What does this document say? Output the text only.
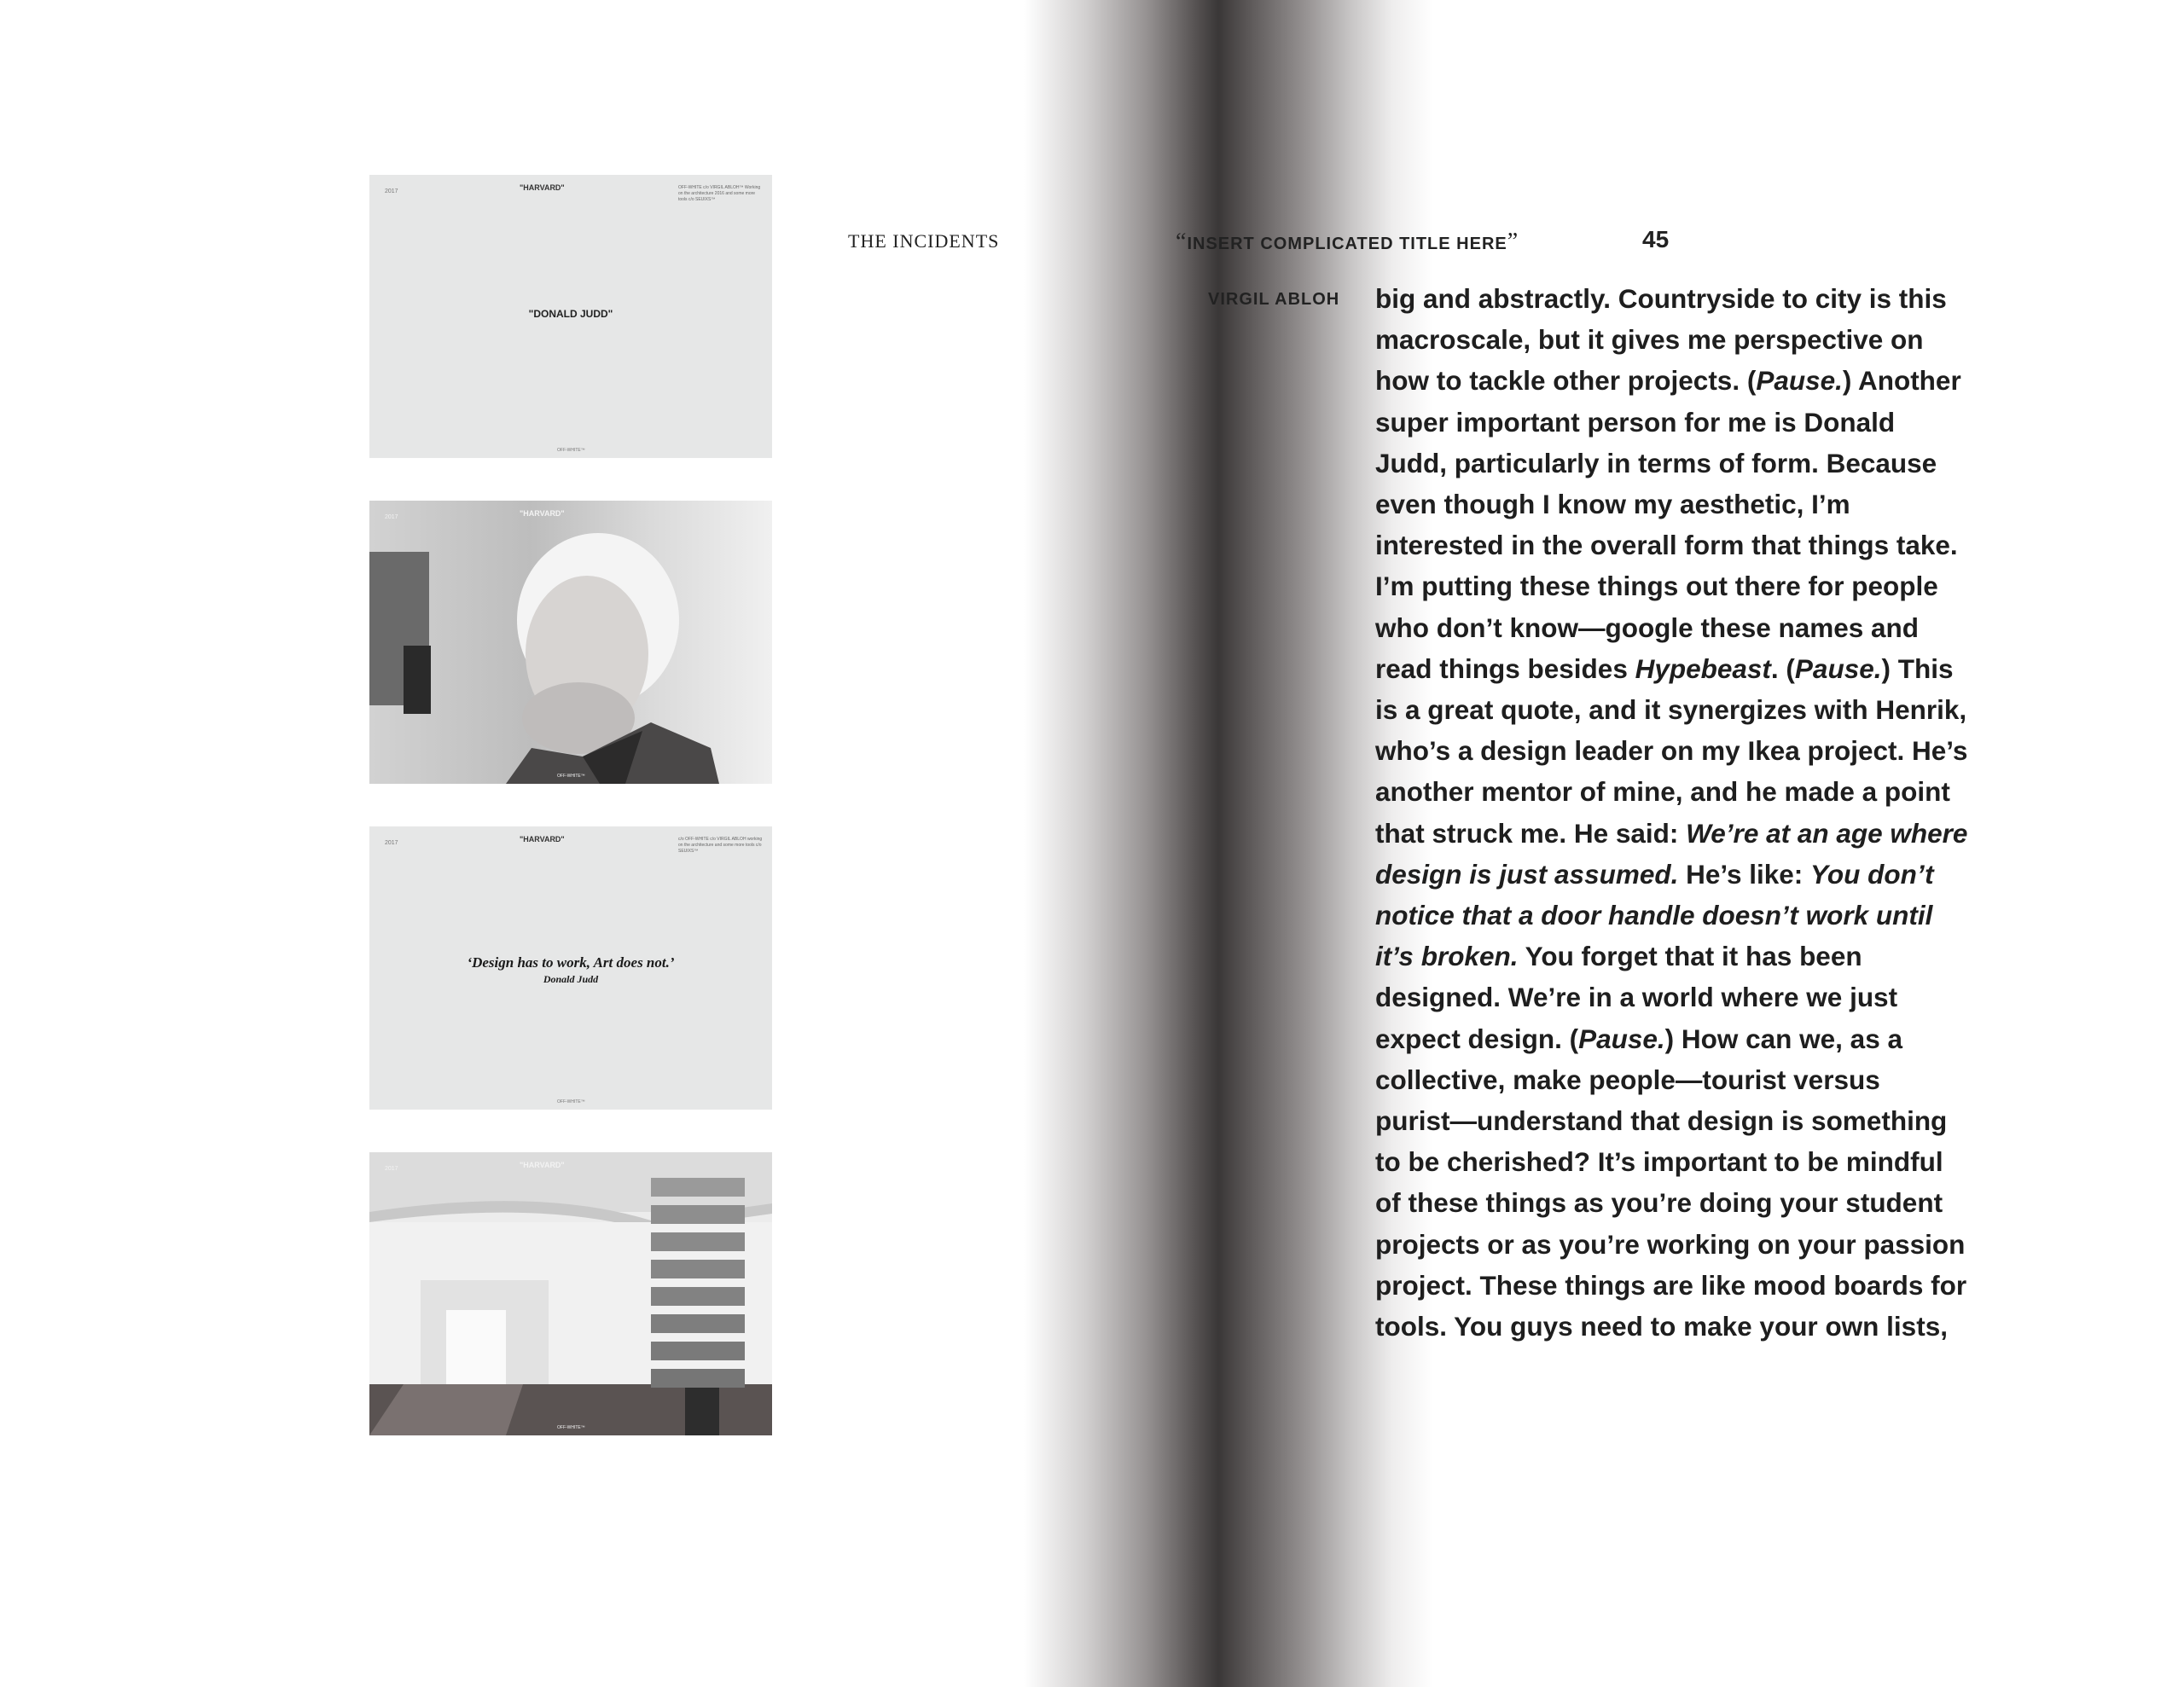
2017	"HARVARD"	OFF-WHITE c/o VIRGIL ABLOH™ Working on the architecture 2016 and some more tools c/o SEUIXS™
"DONALD JUDD"
OFF-WHITE™
2017	"HARVARD"
OFF-WHITE™
2017	"HARVARD"	c/o OFF-WHITE c/o VIRGIL ABLOH working on the architecture and some more tools c/o SEUIXS™
‘Design has to work, Art does not.’
Donald Judd
OFF-WHITE™
2017	"HARVARD"
OFF-WHITE™
THE INCIDENTS	“INSERT COMPLICATED TITLE HERE”	45
VIRGIL ABLOH big and abstractly. Countryside to city is this
macroscale, but it gives me perspective on
how to tackle other projects. (Pause.) Another
super important person for me is Donald
Judd, particularly in terms of form. Because
even though I know my aesthetic, I’m
interested in the overall form that things take.
I’m putting these things out there for people
who don’t know—google these names and
read things besides Hypebeast. (Pause.) This
is a great quote, and it synergizes with Henrik,
who’s a design leader on my Ikea project. He’s
another mentor of mine, and he made a point
that struck me. He said: We’re at an age where
design is just assumed. He’s like: You don’t
notice that a door handle doesn’t work until
it’s broken. You forget that it has been
designed. We’re in a world where we just
expect design. (Pause.) How can we, as a
collective, make people—tourist versus
purist—understand that design is something
to be cherished? It’s important to be mindful
of these things as you’re doing your student
projects or as you’re working on your passion
project. These things are like mood boards for
tools. You guys need to make your own lists,
